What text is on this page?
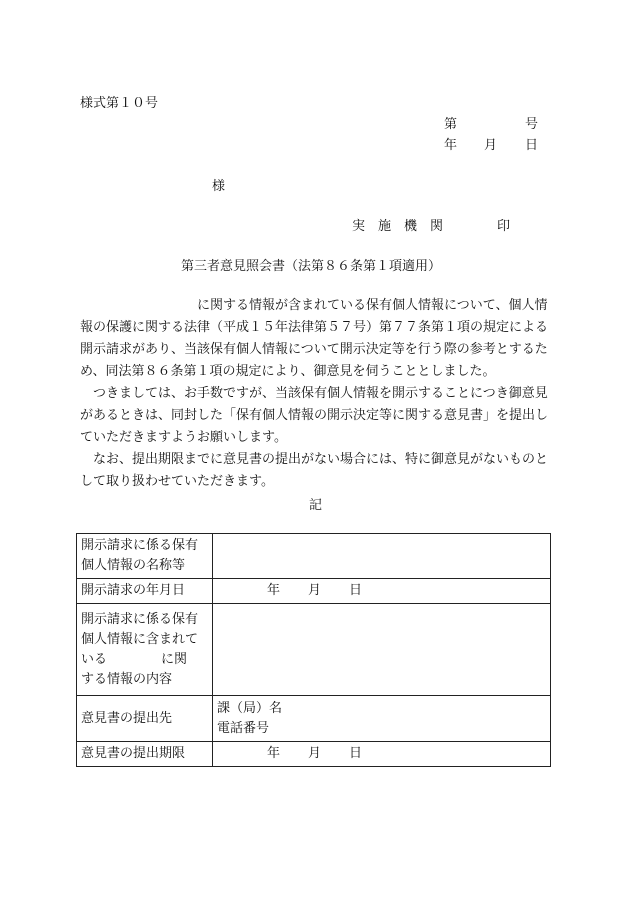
様式第１０号
第	号
年 月 日
様
実　施　機　関	印
第三者意見照会書（法第８６条第１項適用）

に関する情報が含まれている保有個人情報について、個人情報の保護に関する法律（平成１５年法律第５７号）第７７条第１項の規定による開示請求があり、当該保有個人情報について開示決定等を行う際の参考とするため、同法第８６条第１項の規定により、御意見を伺うこととしました。

つきましては、お手数ですが、当該保有個人情報を開示することにつき御意見があるときは、同封した「保有個人情報の開示決定等に関する意見書」を提出していただきますようお願いします。

なお、提出期限までに意見書の提出がない場合には、特に御意見がないものとして取り扱わせていただきます。

記
開示請求に係る保有個人情報の名称等	
開示請求の年月日	年 月 日
開示請求に係る保有個人情報に含まれている に関
する情報の内容	
意見書の提出先	課（局）名
電話番号

意見書の提出期限	年 月 日
